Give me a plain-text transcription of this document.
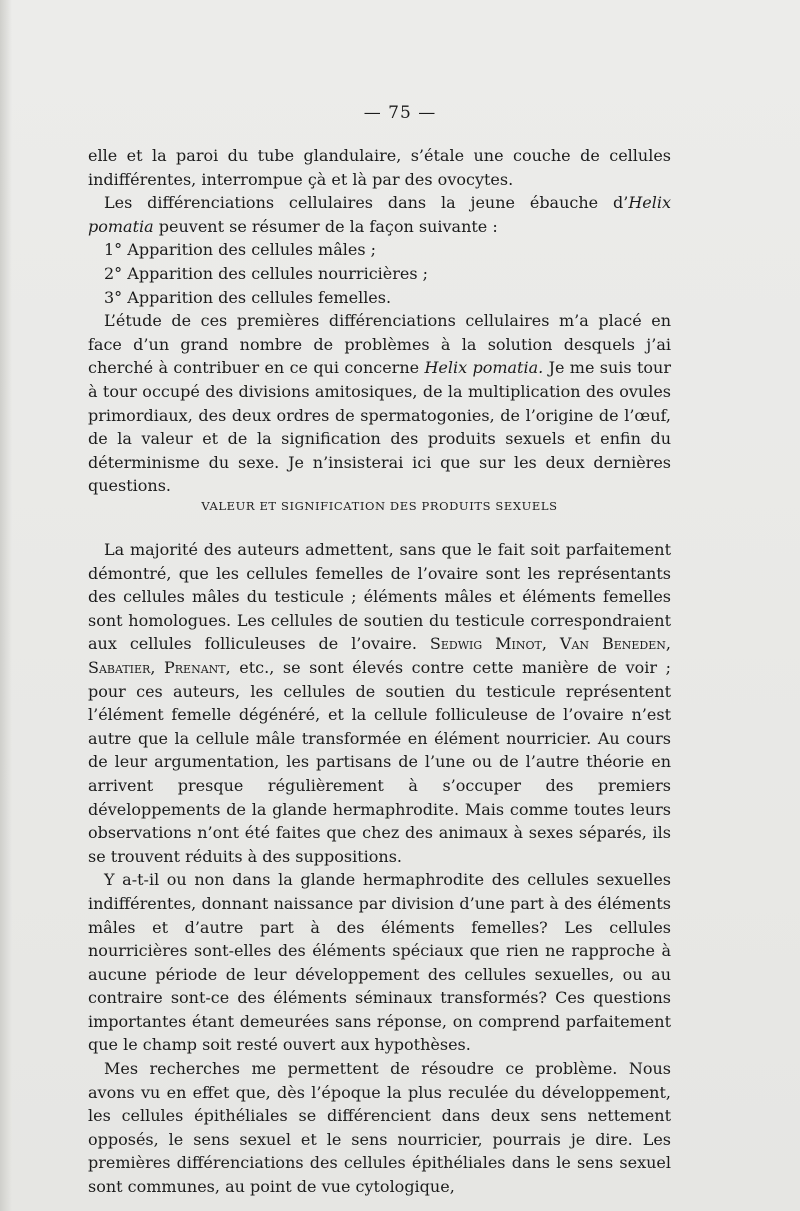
— 75 —

elle et la paroi du tube glandulaire, s’étale une couche de cellules indifférentes, interrompue çà et là par des ovocytes.

Les différenciations cellulaires dans la jeune ébauche d’Helix pomatia peuvent se résumer de la façon suivante :

1° Apparition des cellules mâles ;

2° Apparition des cellules nourricières ;

3° Apparition des cellules femelles.

L’étude de ces premières différenciations cellulaires m’a placé en face d’un grand nombre de problèmes à la solution desquels j’ai cherché à contribuer en ce qui concerne Helix pomatia. Je me suis tour à tour occupé des divisions amitosiques, de la multiplication des ovules primordiaux, des deux ordres de spermatogonies, de l’origine de l’œuf, de la valeur et de la signification des produits sexuels et enfin du déterminisme du sexe. Je n’insisterai ici que sur les deux dernières questions.

VALEUR ET SIGNIFICATION DES PRODUITS SEXUELS

La majorité des auteurs admettent, sans que le fait soit parfaitement démontré, que les cellules femelles de l’ovaire sont les représentants des cellules mâles du testicule ; éléments mâles et éléments femelles sont homologues. Les cellules de soutien du testicule correspondraient aux cellules folliculeuses de l’ovaire. Sedwig Minot, Van Beneden, Sabatier, Prenant, etc., se sont élevés contre cette manière de voir ; pour ces auteurs, les cellules de soutien du testicule représentent l’élément femelle dégénéré, et la cellule folliculeuse de l’ovaire n’est autre que la cellule mâle transformée en élément nourricier. Au cours de leur argumentation, les partisans de l’une ou de l’autre théorie en arrivent presque régulièrement à s’occuper des premiers développements de la glande hermaphrodite. Mais comme toutes leurs observations n’ont été faites que chez des animaux à sexes séparés, ils se trouvent réduits à des suppositions.

Y a-t-il ou non dans la glande hermaphrodite des cellules sexuelles indifférentes, donnant naissance par division d’une part à des éléments mâles et d’autre part à des éléments femelles? Les cellules nourricières sont-elles des éléments spéciaux que rien ne rapproche à aucune période de leur développement des cellules sexuelles, ou au contraire sont-ce des éléments séminaux transformés? Ces questions importantes étant demeurées sans réponse, on comprend parfaitement que le champ soit resté ouvert aux hypothèses.

Mes recherches me permettent de résoudre ce problème. Nous avons vu en effet que, dès l’époque la plus reculée du développement, les cellules épithéliales se différencient dans deux sens nettement opposés, le sens sexuel et le sens nourricier, pourrais je dire. Les premières différenciations des cellules épithéliales dans le sens sexuel sont communes, au point de vue cytologique,
